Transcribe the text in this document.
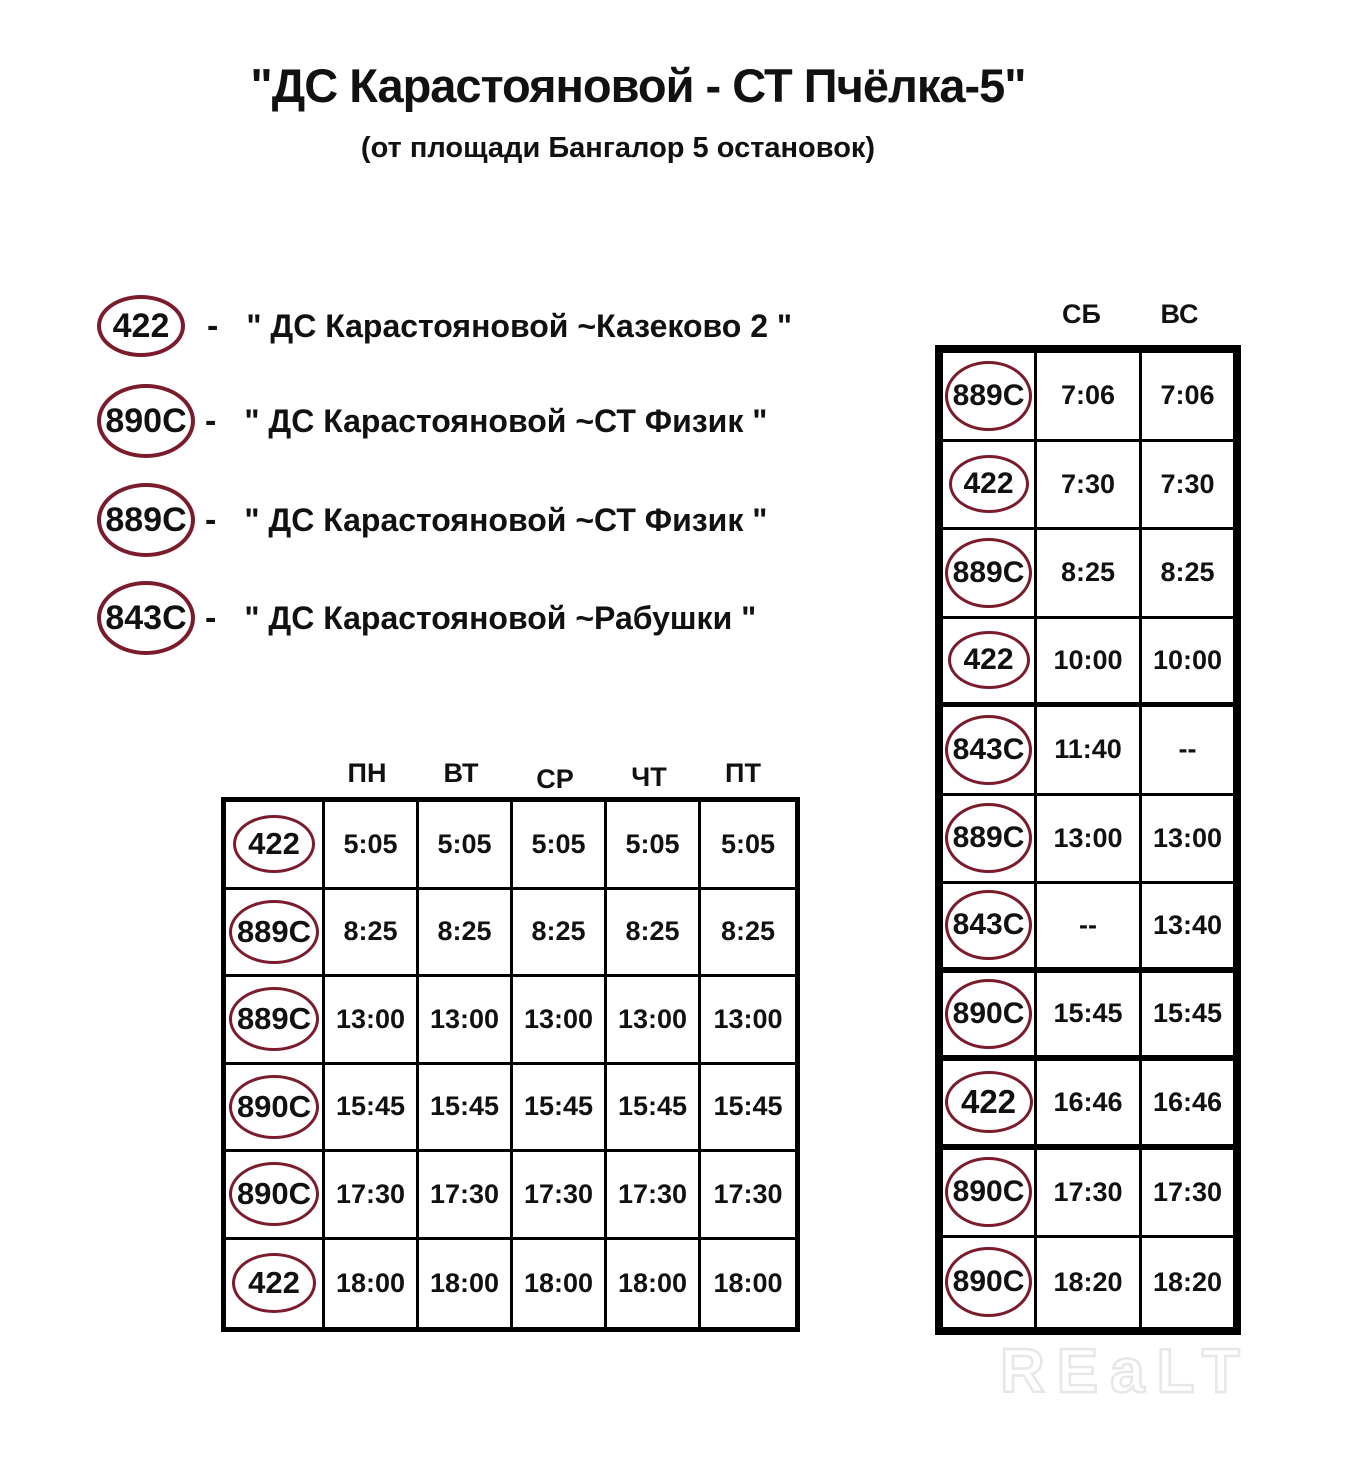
"ДС Карастояновой - СТ Пчёлка-5"
(от площади Бангалор 5 остановок)
422 - " ДС Карастояновой ~Казеково 2 "
890С - " ДС Карастояновой ~СТ Физик "
889С - " ДС Карастояновой ~СТ Физик "
843С - " ДС Карастояновой ~Рабушки "
ПН	ВТ	СР	ЧТ	ПТ
422	5:05	5:05	5:05	5:05	5:05
889С	8:25	8:25	8:25	8:25	8:25
889С 13:00 13:00 13:00 13:00 13:00
890С 15:45 15:45 15:45 15:45 15:45
890С 17:30 17:30 17:30 17:30 17:30
422	18:00 18:00 18:00 18:00 18:00
СБ	ВС
889С	7:06	7:06
422	7:30	7:30
889С	8:25	8:25
422	10:00	10:00
843С	11:40	--
889С	13:00	13:00
843С	--	13:40
890С	15:45	15:45
422	16:46	16:46
890С	17:30	17:30
890С	18:20	18:20
REaLT
